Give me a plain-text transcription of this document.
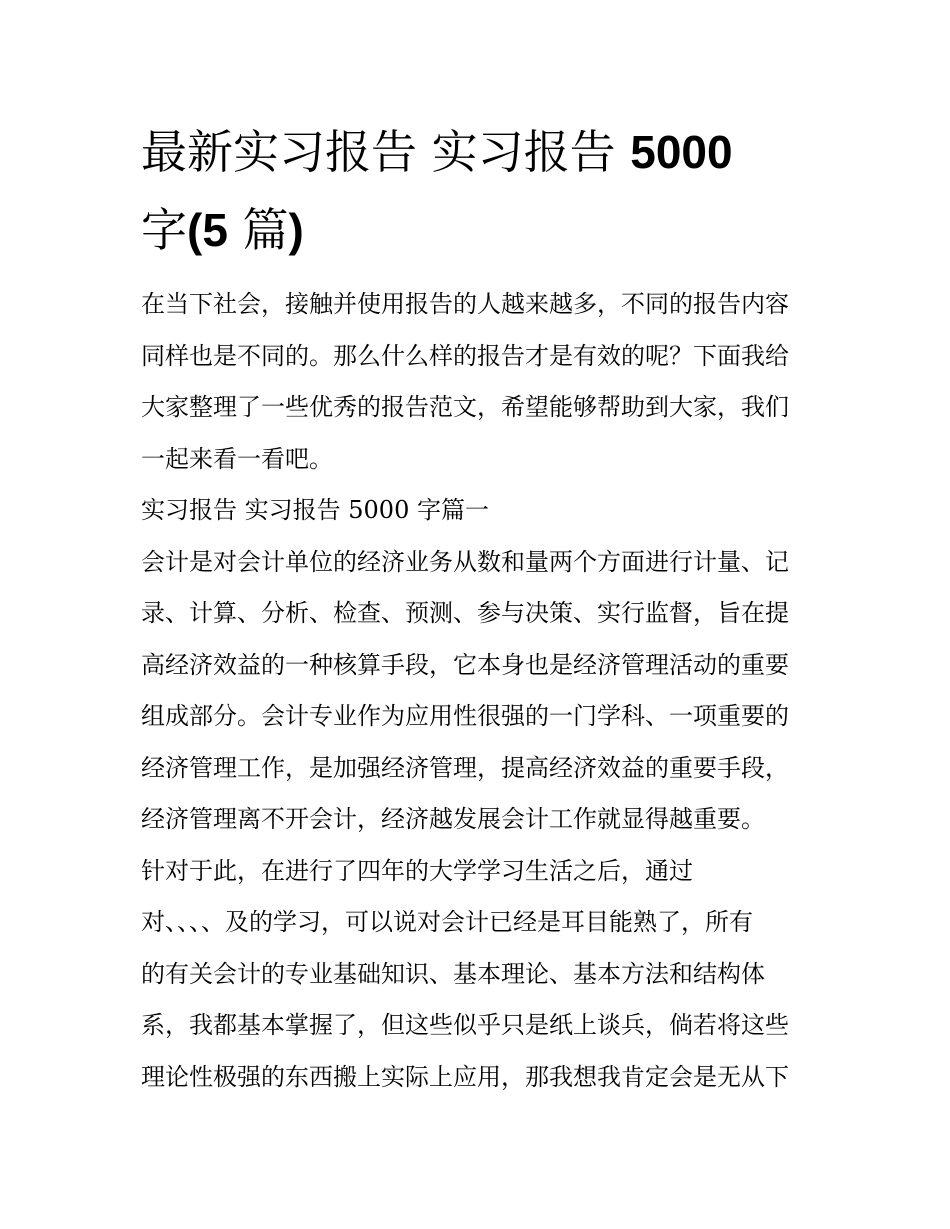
最新实习报告 实习报告 5000
字(5 篇)
在当下社会，接触并使用报告的人越来越多，不同的报告内容
同样也是不同的。那么什么样的报告才是有效的呢？下面我给
大家整理了一些优秀的报告范文，希望能够帮助到大家，我们
一起来看一看吧。
实习报告 实习报告 5000 字篇一
会计是对会计单位的经济业务从数和量两个方面进行计量、记
录、计算、分析、检查、预测、参与决策、实行监督，旨在提
高经济效益的一种核算手段，它本身也是经济管理活动的重要
组成部分。会计专业作为应用性很强的一门学科、一项重要的
经济管理工作，是加强经济管理，提高经济效益的重要手段，
经济管理离不开会计，经济越发展会计工作就显得越重要。
针对于此，在进行了四年的大学学习生活之后，通过
对、、、、及的学习，可以说对会计已经是耳目能熟了，所有
的有关会计的专业基础知识、基本理论、基本方法和结构体
系，我都基本掌握了，但这些似乎只是纸上谈兵，倘若将这些
理论性极强的东西搬上实际上应用，那我想我肯定会是无从下
